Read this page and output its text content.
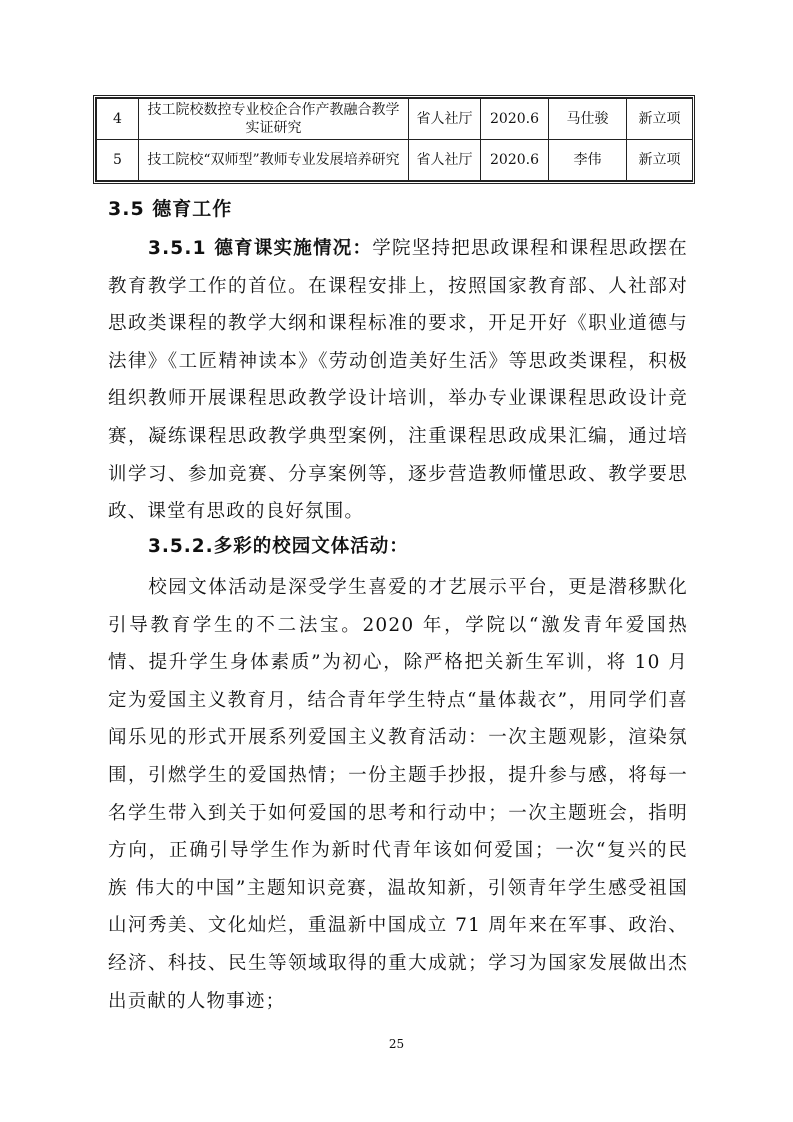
4	技工院校数控专业校企合作产教融合教学实证研究	省人社厅	2020.6	马仕骏	新立项
5	技工院校“双师型”教师专业发展培养研究	省人社厅	2020.6	李伟	新立项
3.5 德育工作

3.5.1 德育课实施情况：学院坚持把思政课程和课程思政摆在教育教学工作的首位。在课程安排上，按照国家教育部、人社部对思政类课程的教学大纲和课程标准的要求，开足开好《职业道德与法律》《工匠精神读本》《劳动创造美好生活》等思政类课程，积极组织教师开展课程思政教学设计培训，举办专业课课程思政设计竞赛，凝练课程思政教学典型案例，注重课程思政成果汇编，通过培训学习、参加竞赛、分享案例等，逐步营造教师懂思政、教学要思政、课堂有思政的良好氛围。

3.5.2.多彩的校园文体活动：

校园文体活动是深受学生喜爱的才艺展示平台，更是潜移默化引导教育学生的不二法宝。2020 年，学院以“激发青年爱国热情、提升学生身体素质”为初心，除严格把关新生军训，将 10 月定为爱国主义教育月，结合青年学生特点“量体裁衣”，用同学们喜闻乐见的形式开展系列爱国主义教育活动：一次主题观影，渲染氛围，引燃学生的爱国热情；一份主题手抄报，提升参与感，将每一名学生带入到关于如何爱国的思考和行动中；一次主题班会，指明方向，正确引导学生作为新时代青年该如何爱国；一次“复兴的民族 伟大的中国”主题知识竞赛，温故知新，引领青年学生感受祖国山河秀美、文化灿烂，重温新中国成立 71 周年来在军事、政治、经济、科技、民生等领域取得的重大成就；学习为国家发展做出杰出贡献的人物事迹；

25
